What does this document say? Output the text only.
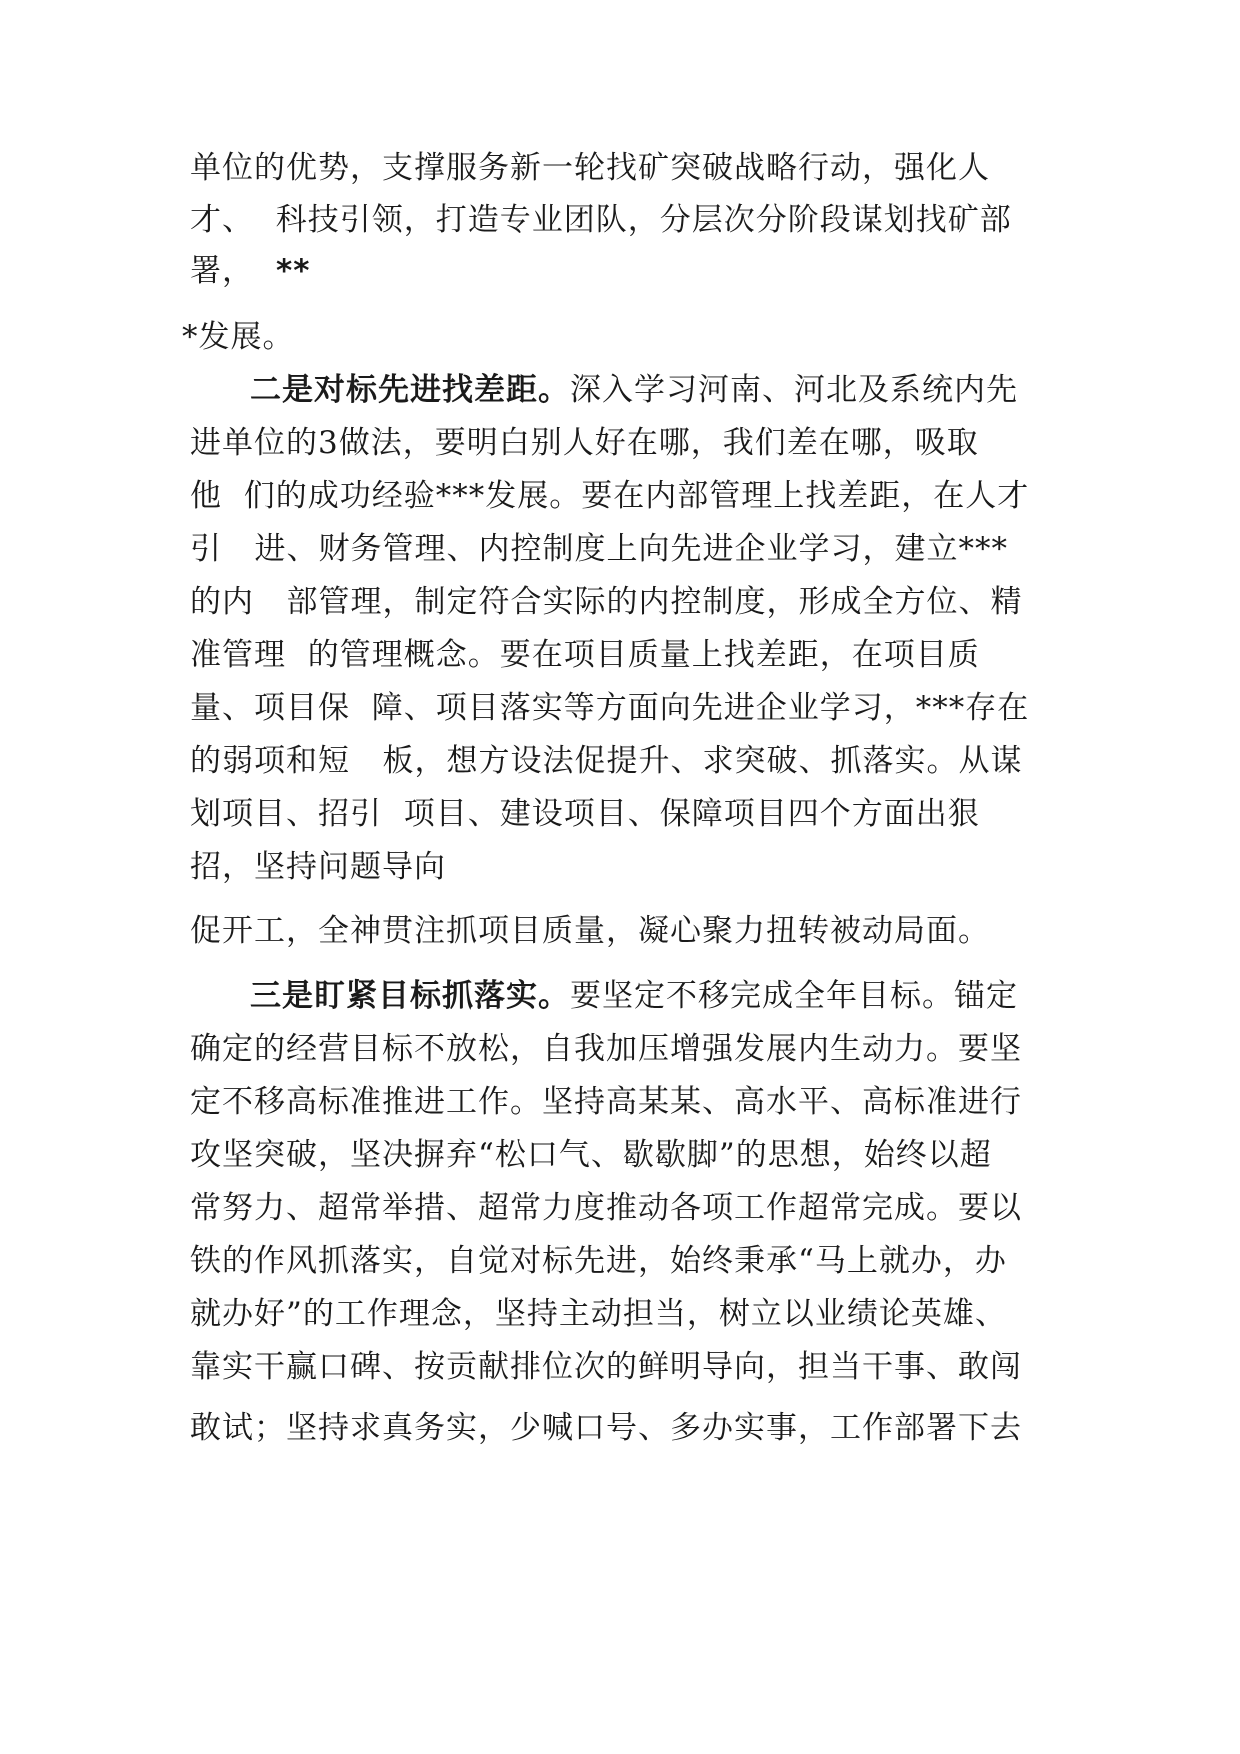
单位的优势，支撑服务新一轮找矿突破战略行动，强化人
才、  科技引领，打造专业团队，分层次分阶段谋划找矿部
署， **
*发展。
二是对标先进找差距。深入学习河南、河北及系统内先
进单位的3做法，要明白别人好在哪，我们差在哪，吸取
他  们的成功经验***发展。要在内部管理上找差距，在人才
引   进、财务管理、内控制度上向先进企业学习，建立***
的内   部管理，制定符合实际的内控制度，形成全方位、精
准管理  的管理概念。要在项目质量上找差距，在项目质
量、项目保  障、项目落实等方面向先进企业学习，***存在
的弱项和短   板，想方设法促提升、求突破、抓落实。从谋
划项目、招引  项目、建设项目、保障项目四个方面出狠
招，坚持问题导向
促开工，全神贯注抓项目质量，凝心聚力扭转被动局面。
三是盯紧目标抓落实。要坚定不移完成全年目标。锚定
确定的经营目标不放松，自我加压增强发展内生动力。要坚
定不移高标准推进工作。坚持高某某、高水平、高标准进行
攻坚突破，坚决摒弃“松口气、歇歇脚”的思想，始终以超
常努力、超常举措、超常力度推动各项工作超常完成。要以
铁的作风抓落实，自觉对标先进，始终秉承“马上就办，办
就办好”的工作理念，坚持主动担当，树立以业绩论英雄、
靠实干赢口碑、按贡献排位次的鲜明导向，担当干事、敢闯
敢试；坚持求真务实，少喊口号、多办实事，工作部署下去
